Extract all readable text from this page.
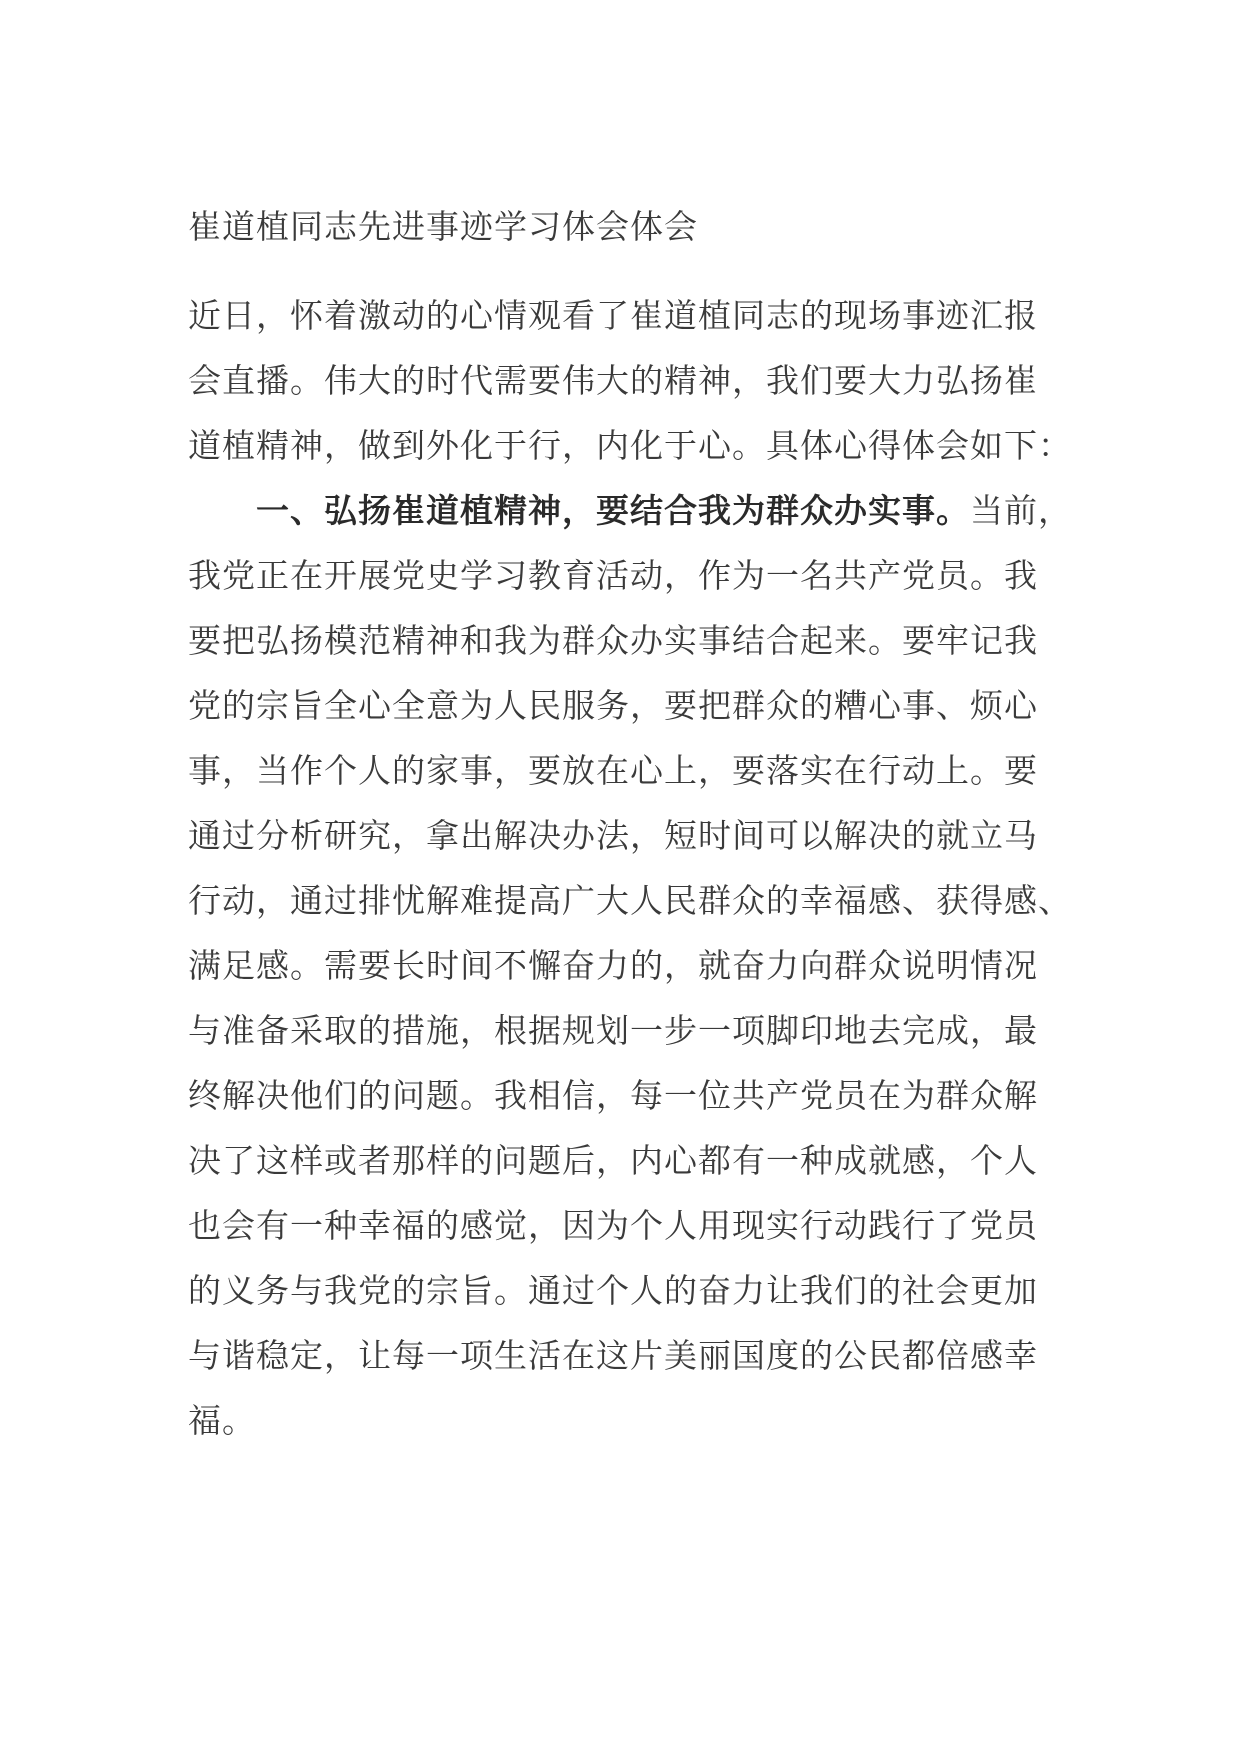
崔道植同志先进事迹学习体会体会
近日，怀着激动的心情观看了崔道植同志的现场事迹汇报
会直播。伟大的时代需要伟大的精神，我们要大力弘扬崔
道植精神，做到外化于行，内化于心。具体心得体会如下：
一、弘扬崔道植精神，要结合我为群众办实事。当前，
我党正在开展党史学习教育活动，作为一名共产党员。我
要把弘扬模范精神和我为群众办实事结合起来。要牢记我
党的宗旨全心全意为人民服务，要把群众的糟心事、烦心
事，当作个人的家事，要放在心上，要落实在行动上。要
通过分析研究，拿出解决办法，短时间可以解决的就立马
行动，通过排忧解难提高广大人民群众的幸福感、获得感、
满足感。需要长时间不懈奋力的，就奋力向群众说明情况
与准备采取的措施，根据规划一步一项脚印地去完成，最
终解决他们的问题。我相信，每一位共产党员在为群众解
决了这样或者那样的问题后，内心都有一种成就感，个人
也会有一种幸福的感觉，因为个人用现实行动践行了党员
的义务与我党的宗旨。通过个人的奋力让我们的社会更加
与谐稳定，让每一项生活在这片美丽国度的公民都倍感幸
福。
